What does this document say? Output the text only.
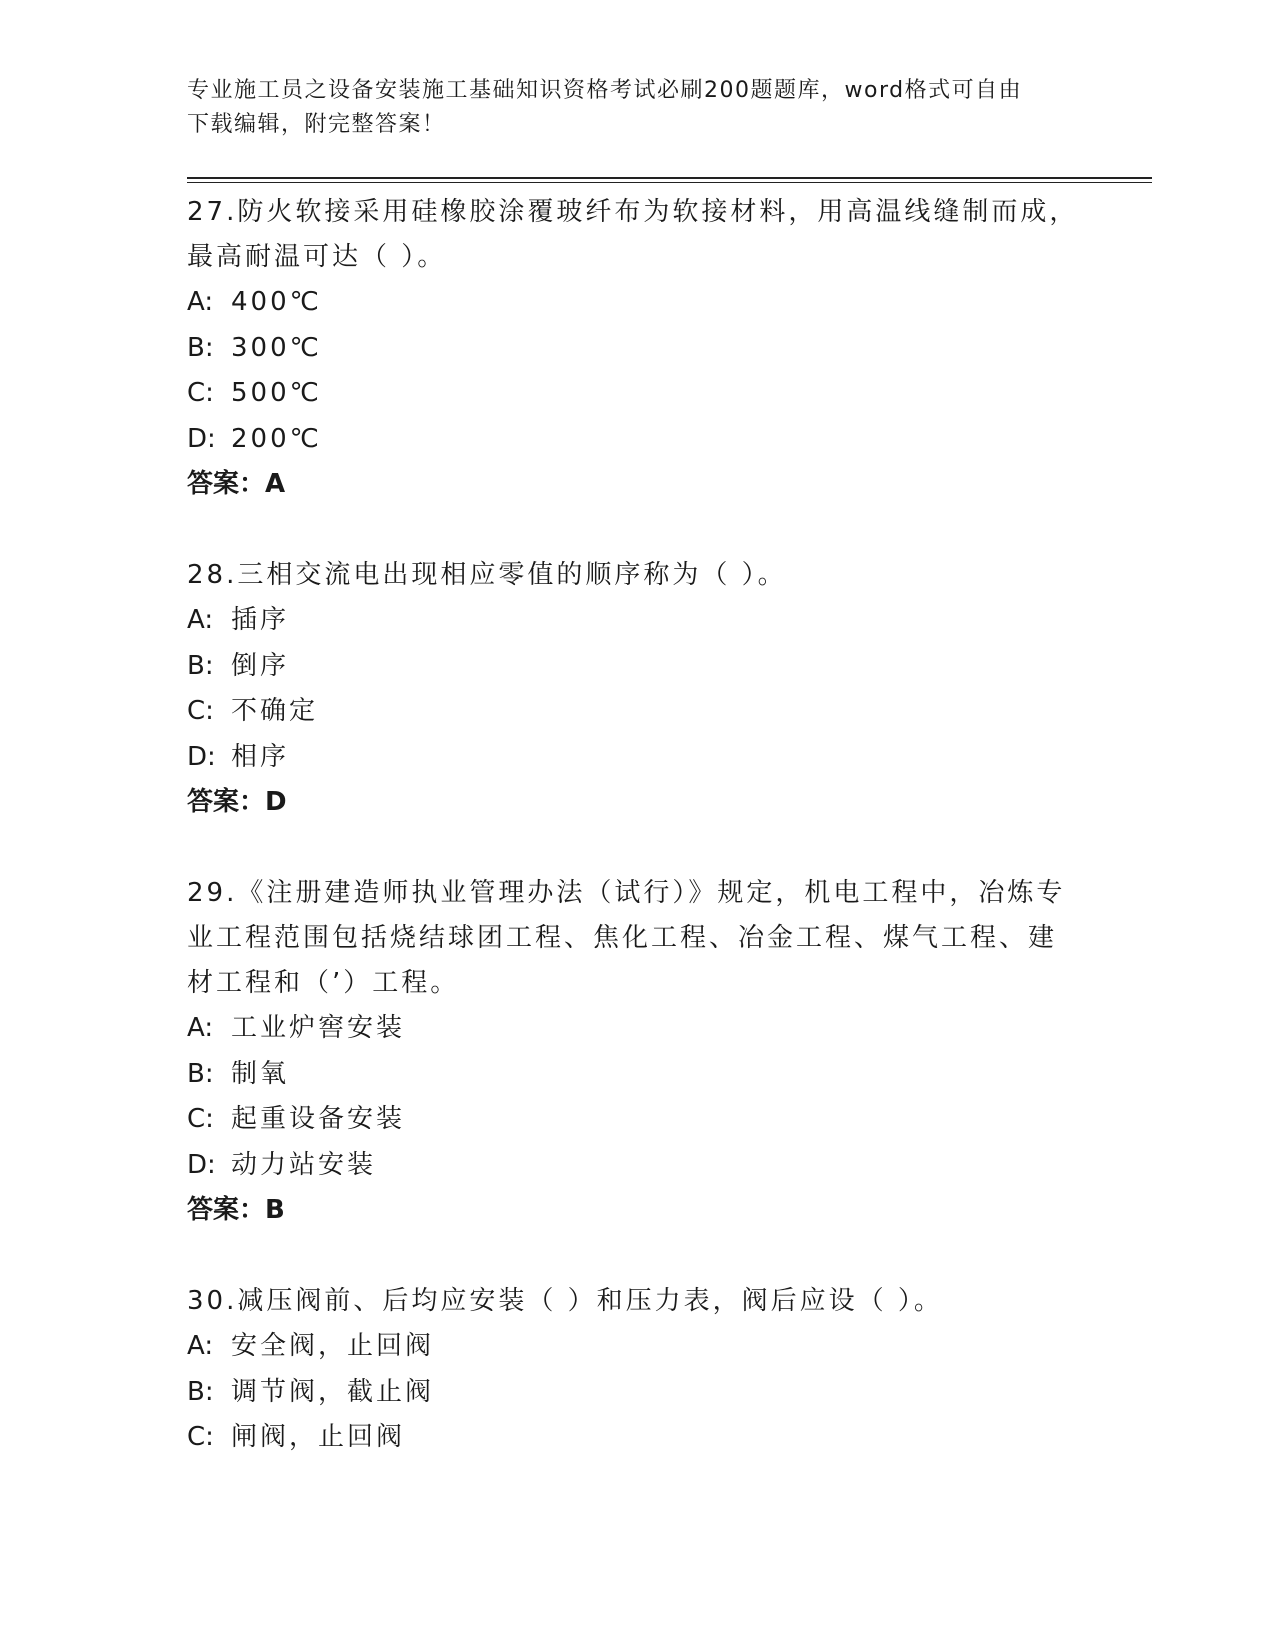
专业施工员之设备安装施工基础知识资格考试必刷200题题库，word格式可自由
下载编辑，附完整答案！
27.防火软接采用硅橡胶涂覆玻纤布为软接材料，用高温线缝制而成，
最高耐温可达（ ）。
A: 400℃
B: 300℃
C: 500℃
D: 200℃
答案：A
28.三相交流电出现相应零值的顺序称为（ ）。
A: 插序
B: 倒序
C: 不确定
D: 相序
答案：D
29.《注册建造师执业管理办法（试行）》规定，机电工程中，冶炼专
业工程范围包括烧结球团工程、焦化工程、冶金工程、煤气工程、建
材工程和（’）工程。
A: 工业炉窖安装
B: 制氧
C: 起重设备安装
D: 动力站安装
答案：B
30.减压阀前、后均应安装（ ）和压力表，阀后应设（ ）。
A: 安全阀，止回阀
B: 调节阀，截止阀
C: 闸阀，止回阀
